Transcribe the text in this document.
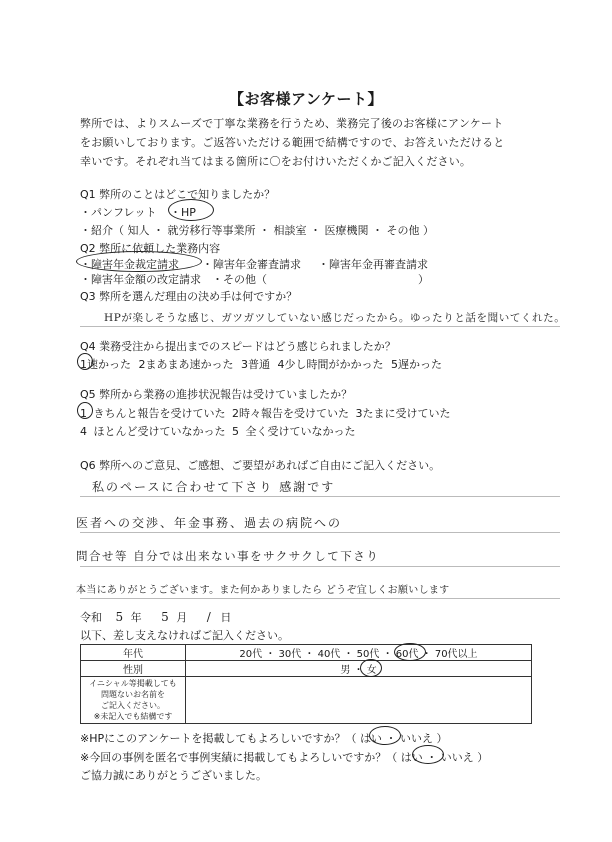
【お客様アンケート】
弊所では、よりスムーズで丁寧な業務を行うため、業務完了後のお客様にアンケート
をお願いしております。ご返答いただける範囲で結構ですので、お答えいただけると
幸いです。それぞれ当てはまる箇所に〇をお付けいただくかご記入ください。
Q1 弊所のことはどこで知りましたか？
・パンフレット ・HP
・紹介（ 知人 ・ 就労移行等事業所 ・ 相談室 ・ 医療機関 ・ その他 ）
Q2 弊所に依頼した業務内容
・障害年金裁定請求 ・障害年金審査請求 ・障害年金再審査請求
・障害年金額の改定請求 ・その他（	）
Q3 弊所を選んだ理由の決め手は何ですか？
HPが楽しそうな感じ、ガツガツしていない感じだったから。ゆったりと話を聞いてくれた。
Q4 業務受注から提出までのスピードはどう感じられましたか？
1速かった 2まあまあ速かった 3普通 4少し時間がかかった 5遅かった
Q5 弊所から業務の進捗状況報告は受けていましたか？
1 きちんと報告を受けていた 2時々報告を受けていた 3たまに受けていた
4 ほとんど受けていなかった 5 全く受けていなかった
Q6 弊所へのご意見、ご感想、ご要望があればご自由にご記入ください。
私のペースに合わせて下さり 感謝です
医者への交渉、年金事務、過去の病院への
問合せ等 自分では出来ない事をサクサクして下さり
本当にありがとうございます。また何かありましたら どうぞ宜しくお願いします
令和 5 年 5 月 / 日
以下、差し支えなければご記入ください。
年代	20代 ・ 30代 ・ 40代 ・ 50代 ・ 60代 ・ 70代以上
性別	男 ・ 女

イニシャル等掲載しても
問題ないお名前を
ご記入ください。
※未記入でも結構です	

※HPにこのアンケートを掲載してもよろしいですか？（ はい ・ いいえ ）
※今回の事例を匿名で事例実績に掲載してもよろしいですか？（ はい ・ いいえ ）
ご協力誠にありがとうございました。
